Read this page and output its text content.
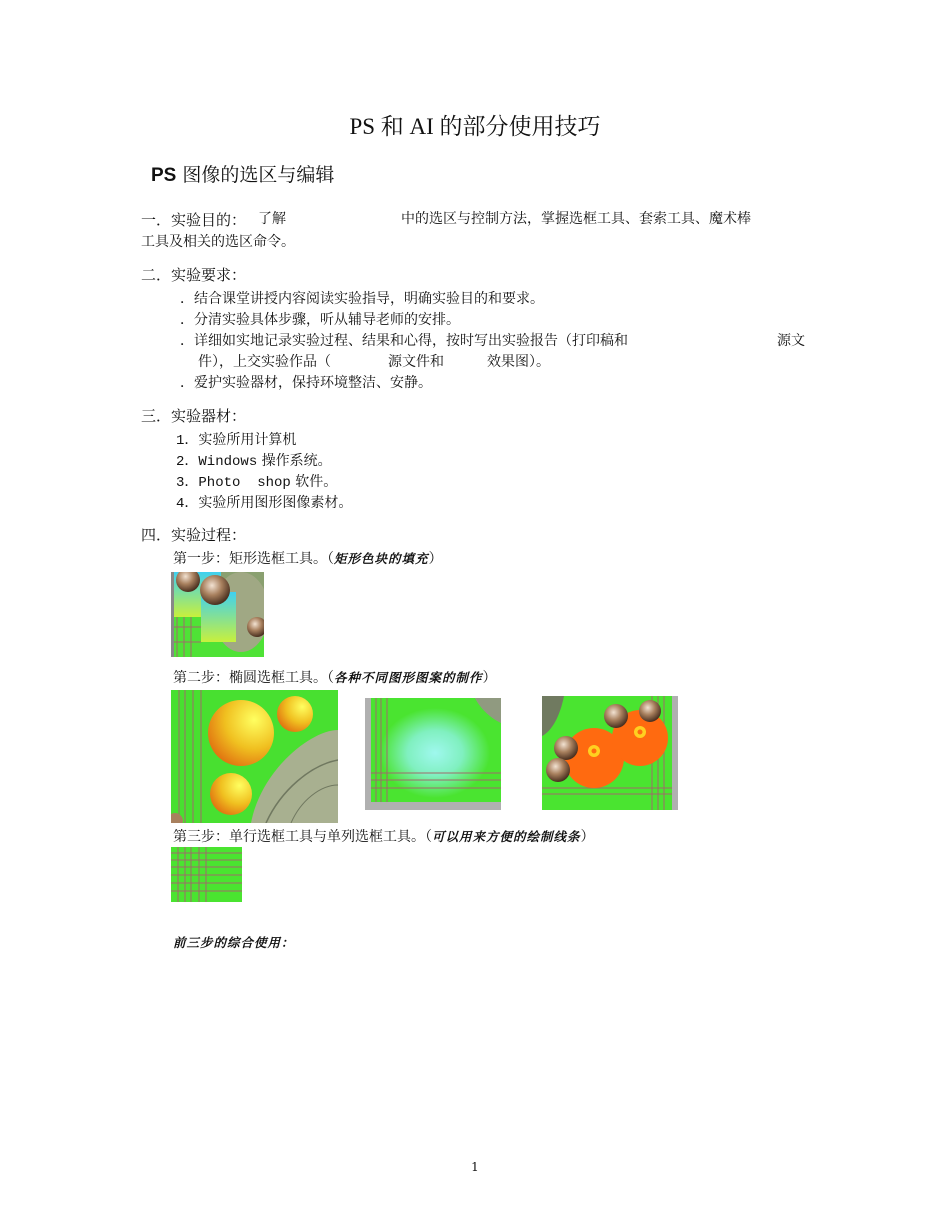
PS 和 AI 的部分使用技巧
PS 图像的选区与编辑
一．实验目的： 了解	中的选区与控制方法，掌握选框工具、套索工具、魔术棒
工具及相关的选区命令。
二．实验要求：
．结合课堂讲授内容阅读实验指导，明确实验目的和要求。
．分清实验具体步骤，听从辅导老师的安排。
．详细如实地记录实验过程、结果和心得，按时写出实验报告（打印稿和	源文
件），上交实验作品（	源文件和	效果图）。
．爱护实验器材，保持环境整洁、安静。
三．实验器材：
1．实验所用计算机
2．Windows 操作系统。
3．Photo  shop 软件。
4．实验所用图形图像素材。
四．实验过程：
第一步：矩形选框工具。（矩形色块的填充）
第二步：椭圆选框工具。（各种不同图形图案的制作）
第三步：单行选框工具与单列选框工具。（可以用来方便的绘制线条）
前三步的综合使用：
1
